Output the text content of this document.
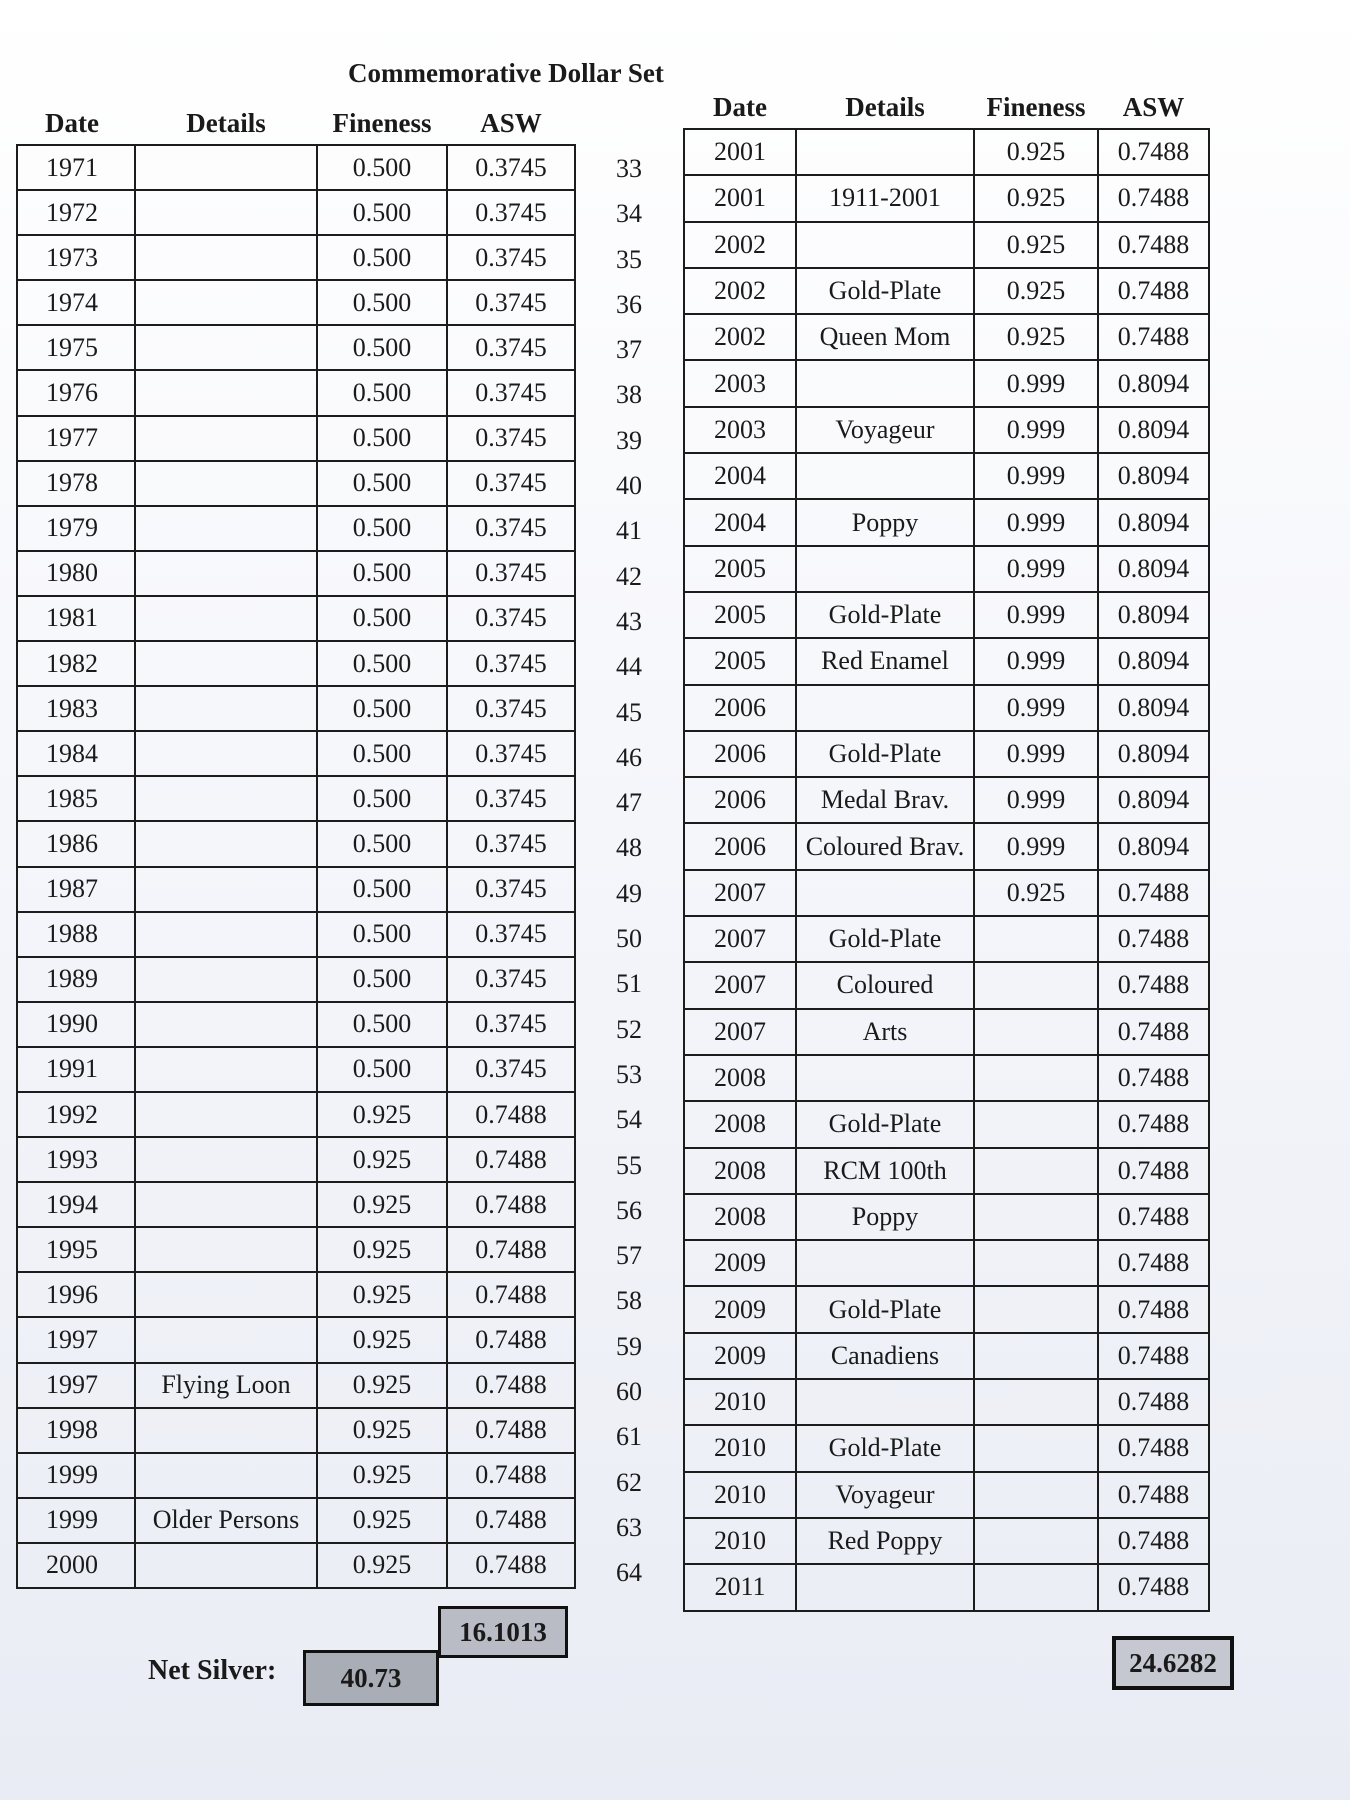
Commemorative Dollar Set
Date	Details	Fineness	ASW
1971		0.500	0.3745
1972		0.500	0.3745
1973		0.500	0.3745
1974		0.500	0.3745
1975		0.500	0.3745
1976		0.500	0.3745
1977		0.500	0.3745
1978		0.500	0.3745
1979		0.500	0.3745
1980		0.500	0.3745
1981		0.500	0.3745
1982		0.500	0.3745
1983		0.500	0.3745
1984		0.500	0.3745
1985		0.500	0.3745
1986		0.500	0.3745
1987		0.500	0.3745
1988		0.500	0.3745
1989		0.500	0.3745
1990		0.500	0.3745
1991		0.500	0.3745
1992		0.925	0.7488
1993		0.925	0.7488
1994		0.925	0.7488
1995		0.925	0.7488
1996		0.925	0.7488
1997		0.925	0.7488
1997	Flying Loon	0.925	0.7488
1998		0.925	0.7488
1999		0.925	0.7488
1999	Older Persons	0.925	0.7488
2000		0.925	0.7488
33
34
35
36
37
38
39
40
41
42
43
44
45
46
47
48
49
50
51
52
53
54
55
56
57
58
59
60
61
62
63
64
Date	Details	Fineness	ASW
2001		0.925	0.7488
2001	1911-2001	0.925	0.7488
2002		0.925	0.7488
2002	Gold-Plate	0.925	0.7488
2002	Queen Mom	0.925	0.7488
2003		0.999	0.8094
2003	Voyageur	0.999	0.8094
2004		0.999	0.8094
2004	Poppy	0.999	0.8094
2005		0.999	0.8094
2005	Gold-Plate	0.999	0.8094
2005	Red Enamel	0.999	0.8094
2006		0.999	0.8094
2006	Gold-Plate	0.999	0.8094
2006	Medal Brav.	0.999	0.8094
2006	Coloured Brav.	0.999	0.8094
2007		0.925	0.7488
2007	Gold-Plate		0.7488
2007	Coloured		0.7488
2007	Arts		0.7488
2008			0.7488
2008	Gold-Plate		0.7488
2008	RCM 100th		0.7488
2008	Poppy		0.7488
2009			0.7488
2009	Gold-Plate		0.7488
2009	Canadiens		0.7488
2010			0.7488
2010	Gold-Plate		0.7488
2010	Voyageur		0.7488
2010	Red Poppy		0.7488
2011			0.7488
16.1013
24.6282
Net Silver:	40.73
